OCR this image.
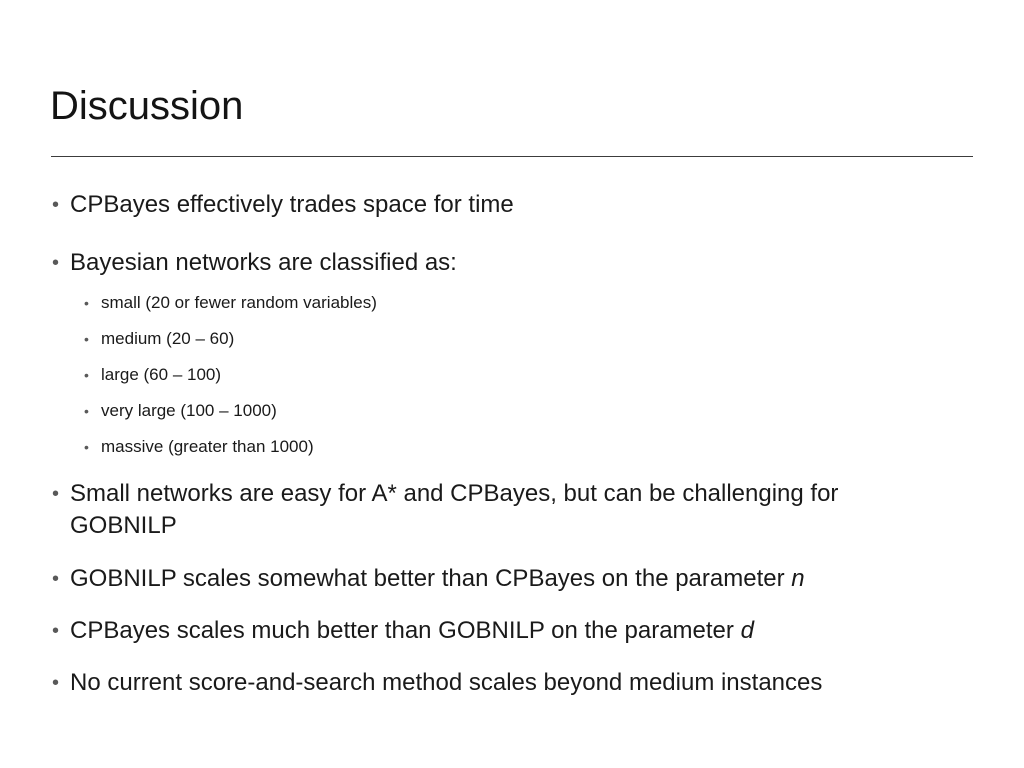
Discussion
• CPBayes effectively trades space for time
• Bayesian networks are classified as:
• small (20 or fewer random variables)
• medium (20 – 60)
• large (60 – 100)
• very large (100 – 1000)
• massive (greater than 1000)
• Small networks are easy for A* and CPBayes, but can be challenging for
GOBNILP
• GOBNILP scales somewhat better than CPBayes on the parameter n
• CPBayes scales much better than GOBNILP on the parameter d
• No current score-and-search method scales beyond medium instances
